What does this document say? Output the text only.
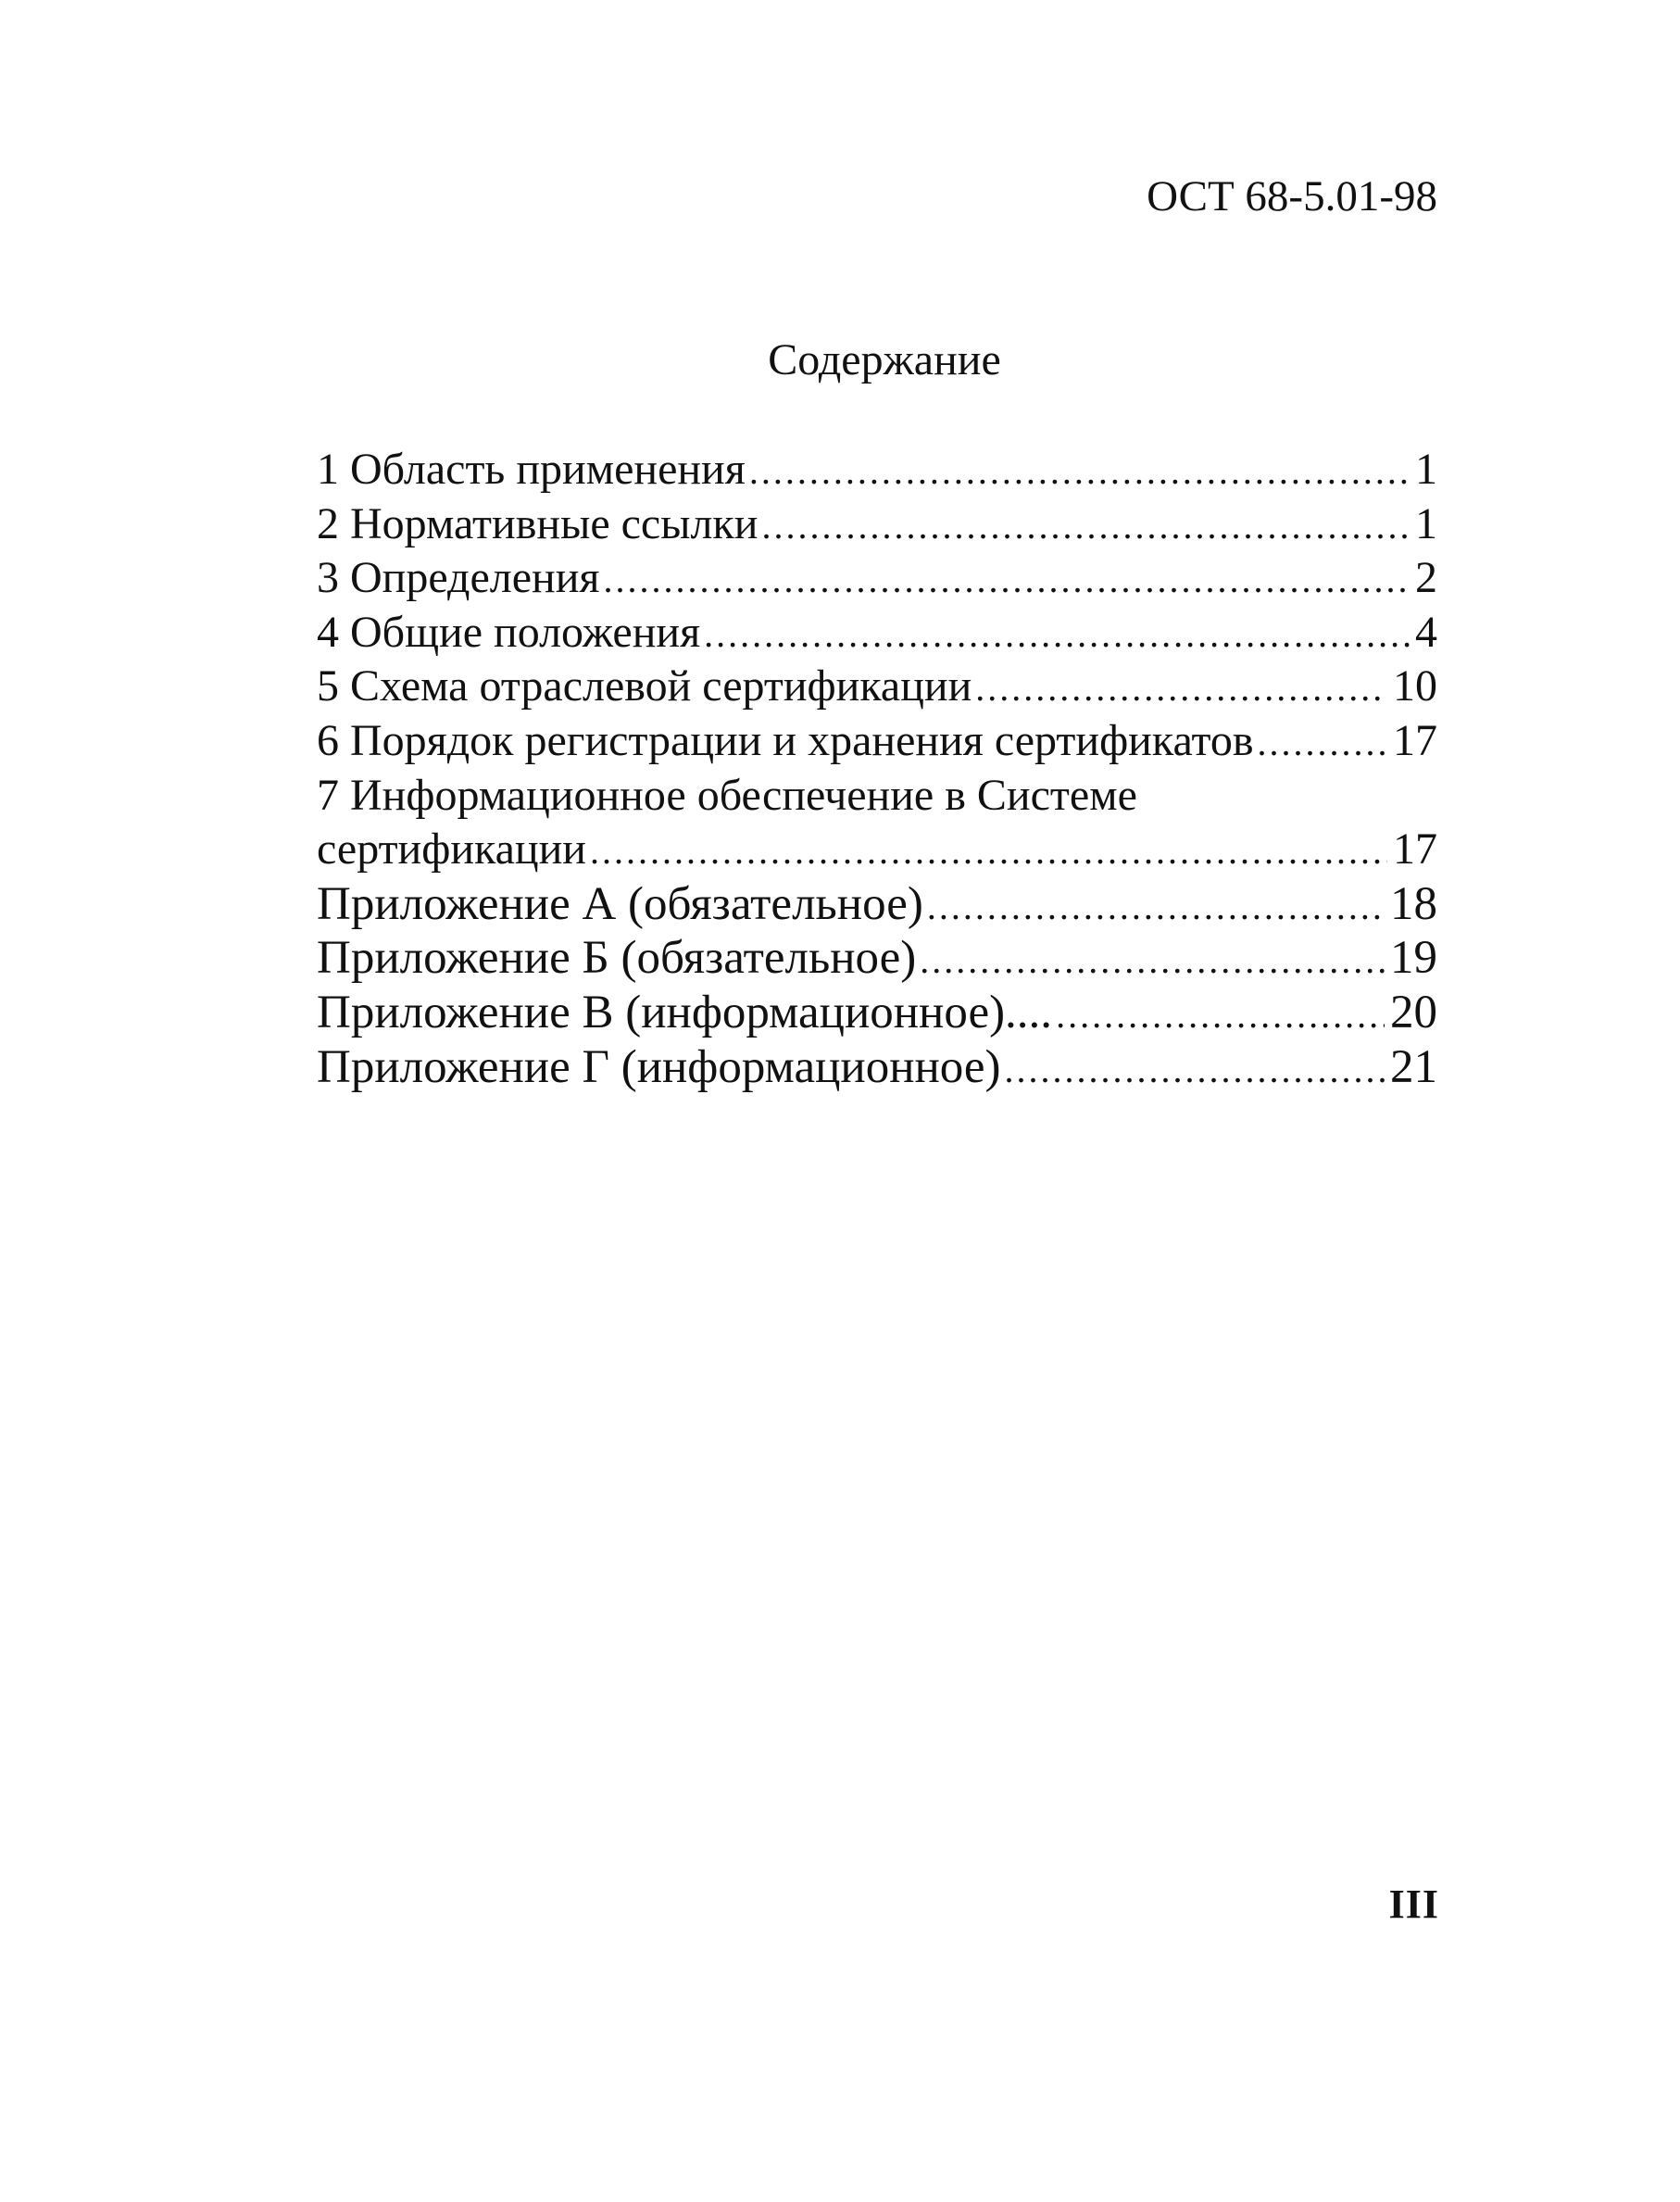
ОСТ 68-5.01-98
Содержание
1 Область применения .....	1
2 Нормативные ссылки .....	1
3 Определения .....	2
4 Общие положения .....	4
5 Схема отраслевой сертификации .....	10
6 Порядок регистрации и хранения сертификатов .....	17
7 Информационное обеспечение в Системе
сертификации .....	17
Приложение А (обязательное) .....	18
Приложение Б (обязательное) .....	19
Приложение В (информационное).... .....	20
Приложение Г (информационное) .....	21
III
